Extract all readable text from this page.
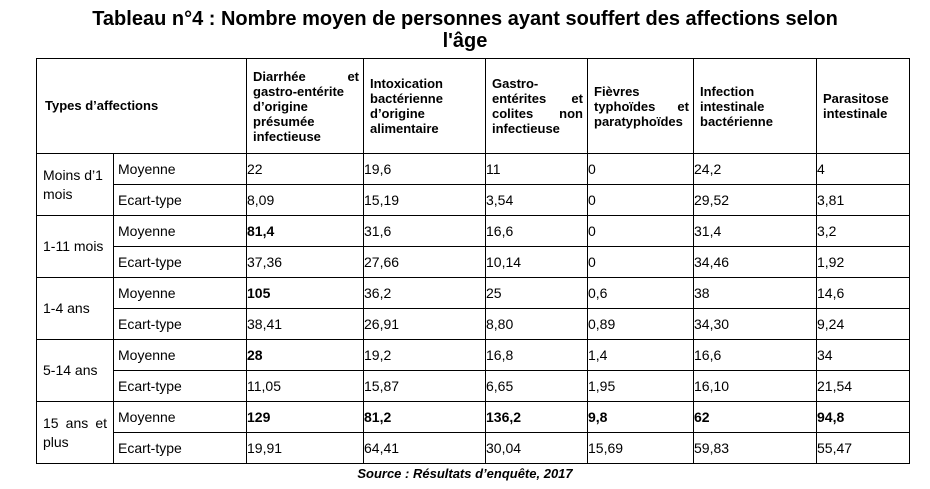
Tableau n°4 : Nombre moyen de personnes ayant souffert des affections selon
l'âge
Types d’affections		Diarrhée et gastro-entérite d’origine présumée infectieuse	Intoxication bactérienne d’origine alimentaire	Gastro-entérites et colites non infectieuse	Fièvres typhoïdes et paratyphoïdes	Infection intestinale bactérienne	Parasitose intestinale
Moins d’1 mois	Moyenne	22	19,6	11	0	24,2	4
	Ecart-type	8,09	15,19	3,54	0	29,52	3,81
1-11 mois	Moyenne	81,4	31,6	16,6	0	31,4	3,2
	Ecart-type	37,36	27,66	10,14	0	34,46	1,92
1-4 ans	Moyenne	105	36,2	25	0,6	38	14,6
	Ecart-type	38,41	26,91	8,80	0,89	34,30	9,24
5-14 ans	Moyenne	28	19,2	16,8	1,4	16,6	34
	Ecart-type	11,05	15,87	6,65	1,95	16,10	21,54
15 ans et plus	Moyenne	129	81,2	136,2	9,8	62	94,8
	Ecart-type	19,91	64,41	30,04	15,69	59,83	55,47
Source : Résultats d’enquête, 2017
